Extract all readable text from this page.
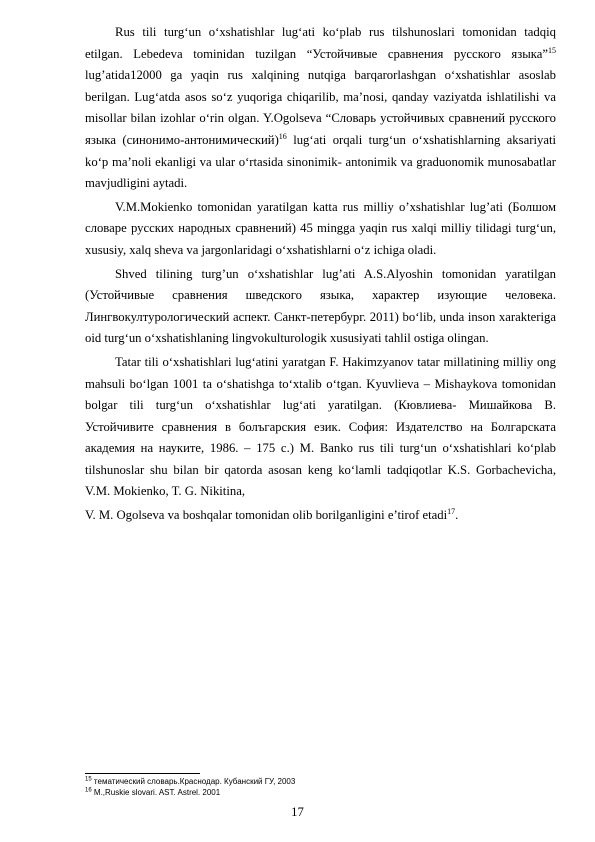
Rus tili turg‘un o‘xshatishlar lug‘ati ko‘plab rus tilshunoslari tomonidan tadqiq etilgan. Lebedeva tominidan tuzilgan “Устойчивые сравнения русского языка”$^{15}$ lug’atida12000 ga yaqin rus xalqining nutqiga barqarorlashgan o‘xshatishlar asoslab berilgan. Lug‘atda asos so‘z yuqoriga chiqarilib, ma’nosi, qanday vaziyatda ishlatilishi va misollar bilan izohlar o‘rin olgan. Y.Ogolseva “Словарь устойчивых сравнений русского языка (синонимо-антонимический)$^{16}$ lug‘ati orqali turg‘un o‘xshatishlarning aksariyati ko‘p ma’noli ekanligi va ular o‘rtasida sinonimik- antonimik va graduonomik munosabatlar mavjudligini aytadi.

V.M.Mokienko tomonidan yaratilgan katta rus milliy o’xshatishlar lug’ati (Болшом словаре русских народных сравнений) 45 mingga yaqin rus xalqi milliy tilidagi turg‘un, xususiy, xalq sheva va jargonlaridagi o‘xshatishlarni o‘z ichiga oladi.

Shved tilining turg’un o‘xshatishlar lug’ati A.S.Alyoshin tomonidan yaratilgan (Устойчивые сравнения шведского языка, характер изующие человека. Лингвокултурологический аспект. Санкт-петербург. 2011) bo‘lib, unda inson xarakteriga oid turg‘un o‘xshatishlaning lingvokulturologik xususiyati tahlil ostiga olingan.

Tatar tili o‘xshatishlari lug‘atini yaratgan F. Hakimzyanov tatar millatining milliy ong mahsuli bo‘lgan 1001 ta o‘shatishga to‘xtalib o‘tgan. Kyuvlieva – Mishaykova tomonidan bolgar tili turg‘un o‘xshatishlar lug‘ati yaratilgan. (Кювлиева- Мишайкова В. Устойчивите сравнения в болъгарския език. София: Издателство на Болгарската академия на науките, 1986. – 175 с.) M. Banko rus tili turg‘un o‘xshatishlari ko‘plab tilshunoslar shu bilan bir qatorda asosan keng ko‘lamli tadqiqotlar K.S. Gorbachevicha, V.M. Mokienko, T. G. Nikitina,

V. M. Ogolseva va boshqalar tomonidan olib borilganligini e’tirof etadi$^{17}$.

$^{15}$ тематический словарь.Краснодар. Кубанский ГУ, 2003
$^{16}$ M.,Ruskie slovari. AST. Astrel. 2001
17
